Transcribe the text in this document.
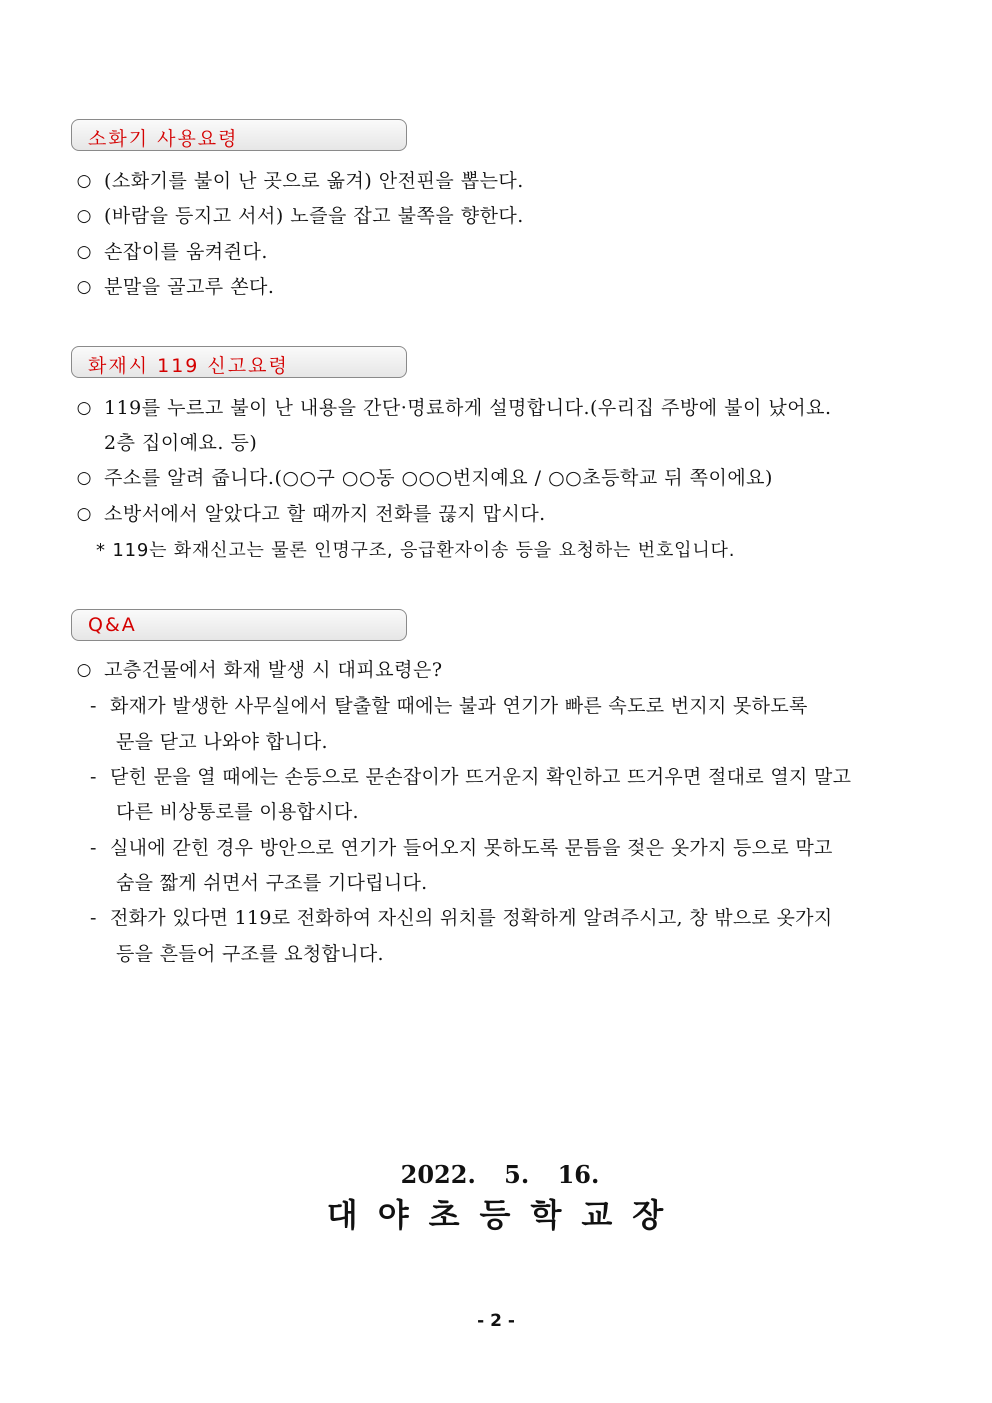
소화기 사용요령
○ (소화기를 불이 난 곳으로 옮겨) 안전핀을 뽑는다.
○ (바람을 등지고 서서) 노즐을 잡고 불쪽을 향한다.
○ 손잡이를 움켜쥔다.
○ 분말을 골고루 쏜다.
화재시 119 신고요령
○ 119를 누르고 불이 난 내용을 간단·명료하게 설명합니다.(우리집 주방에 불이 났어요.
2층 집이예요. 등)
○ 주소를 알려 줍니다.(○○구 ○○동 ○○○번지예요 / ○○초등학교 뒤 쪽이에요)
○ 소방서에서 알았다고 할 때까지 전화를 끊지 맙시다.
* 119는 화재신고는 물론 인명구조, 응급환자이송 등을 요청하는 번호입니다.
Q&A
○ 고층건물에서 화재 발생 시 대피요령은?
- 화재가 발생한 사무실에서 탈출할 때에는 불과 연기가 빠른 속도로 번지지 못하도록
문을 닫고 나와야 합니다.
- 닫힌 문을 열 때에는 손등으로 문손잡이가 뜨거운지 확인하고 뜨거우면 절대로 열지 말고
다른 비상통로를 이용합시다.
- 실내에 갇힌 경우 방안으로 연기가 들어오지 못하도록 문틈을 젖은 옷가지 등으로 막고
숨을 짧게 쉬면서 구조를 기다립니다.
- 전화가 있다면 119로 전화하여 자신의 위치를 정확하게 알려주시고, 창 밖으로 옷가지
등을 흔들어 구조를 요청합니다.
2022. 5. 16.
대야초등학교장
- 2 -
